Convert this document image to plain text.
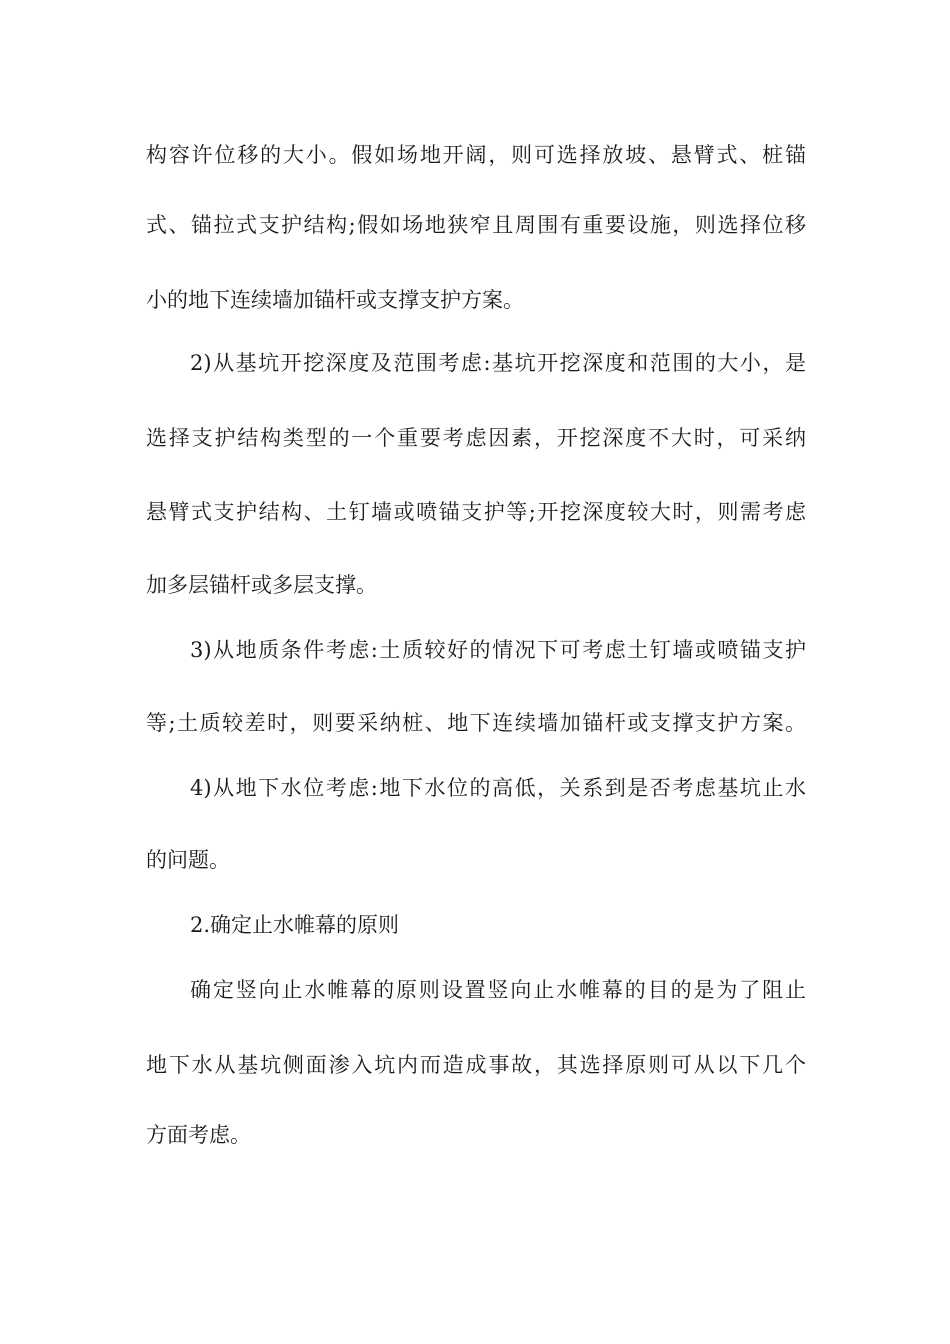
构容许位移的大小。假如场地开阔，则可选择放坡、悬臂式、桩锚

式、锚拉式支护结构;假如场地狭窄且周围有重要设施，则选择位移

小的地下连续墙加锚杆或支撑支护方案。

2)从基坑开挖深度及范围考虑:基坑开挖深度和范围的大小，是

选择支护结构类型的一个重要考虑因素，开挖深度不大时，可采纳

悬臂式支护结构、土钉墙或喷锚支护等;开挖深度较大时，则需考虑

加多层锚杆或多层支撑。

3)从地质条件考虑:土质较好的情况下可考虑土钉墙或喷锚支护

等;土质较差时，则要采纳桩、地下连续墙加锚杆或支撑支护方案。

4)从地下水位考虑:地下水位的高低，关系到是否考虑基坑止水

的问题。

2.确定止水帷幕的原则

确定竖向止水帷幕的原则设置竖向止水帷幕的目的是为了阻止

地下水从基坑侧面渗入坑内而造成事故，其选择原则可从以下几个

方面考虑。
